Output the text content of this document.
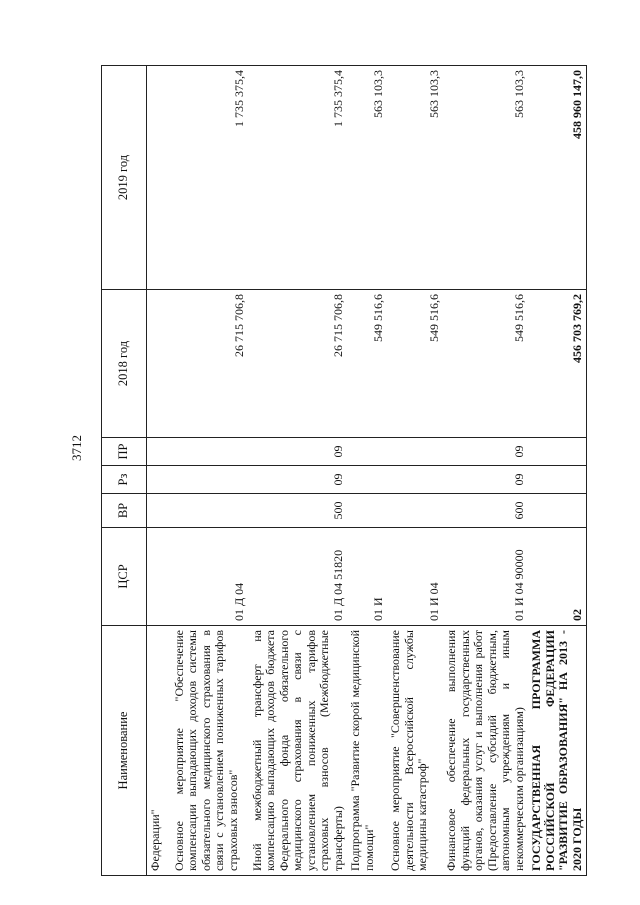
3712
Наименование	ЦСР	ВР	Рз	ПР	2018 год	2019 год
Федерации"						
Основное мероприятие "Обеспечение компенсации выпадающих доходов системы обязательного медицинского страхования в связи с установлением пониженных тарифов страховых взносов"	01 Д 04				26 715 706,8	1 735 375,4
Иной межбюджетный трансферт на компенсацию выпадающих доходов бюджета Федерального фонда обязательного медицинского страхования в связи с установлением пониженных тарифов страховых взносов (Межбюджетные трансферты)	01 Д 04 51820	500	09	09	26 715 706,8	1 735 375,4
Подпрограмма "Развитие скорой медицинской помощи"	01 И				549 516,6	563 103,3
Основное мероприятие "Совершенствование деятельности Всероссийской службы медицины катастроф"	01 И 04				549 516,6	563 103,3
Финансовое обеспечение выполнения функций федеральных государственных органов, оказания услуг и выполнения работ (Предоставление субсидий бюджетным, автономным учреждениям и иным некоммерческим организациям)	01 И 04 90000	600	09	09	549 516,6	563 103,3
ГОСУДАРСТВЕННАЯ ПРОГРАММА РОССИЙСКОЙ ФЕДЕРАЦИИ "РАЗВИТИЕ ОБРАЗОВАНИЯ" НА 2013 - 2020 ГОДЫ	02				456 703 769,2	458 960 147,0
